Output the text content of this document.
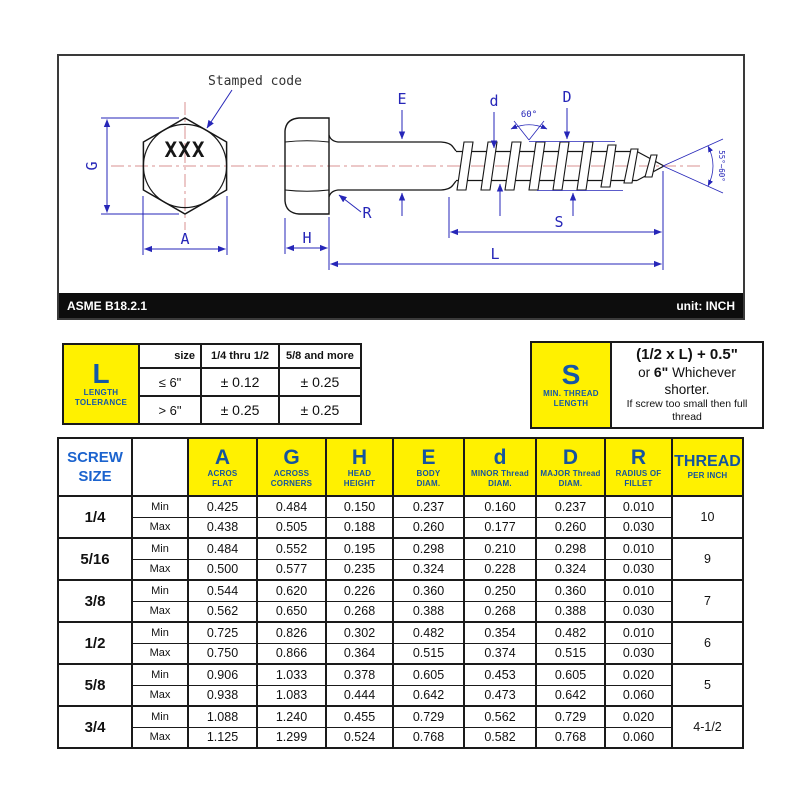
XXX
Stamped code
G
A
E	d	D
60°
55°~60°
R
H
S
L
ASME B18.2.1	unit: INCH
L
LENGTH
TOLERANCE	size	1/4 thru 1/2	5/8 and more
	≤ 6"	± 0.12	± 0.25
	> 6"	± 0.25	± 0.25
S
MIN. THREAD
LENGTH

(1/2 x L) + 0.5"
or 6" Whichever shorter.
If screw too small then full thread
SCREW
SIZE

A
ACROS
FLAT

G
ACROSS
CORNERS

H
HEAD
HEIGHT

E
BODY
DIAM.

d
MINOR Thread
DIAM.

D
MAJOR Thread
DIAM.

R
RADIUS OF
FILLET

THREAD
PER INCH

1/4	Min	0.425	0.484	0.150	0.237	0.160	0.237	0.010	10
	Max	0.438	0.505	0.188	0.260	0.177	0.260	0.030	
5/16	Min	0.484	0.552	0.195	0.298	0.210	0.298	0.010	9
	Max	0.500	0.577	0.235	0.324	0.228	0.324	0.030	
3/8	Min	0.544	0.620	0.226	0.360	0.250	0.360	0.010	7
	Max	0.562	0.650	0.268	0.388	0.268	0.388	0.030	
1/2	Min	0.725	0.826	0.302	0.482	0.354	0.482	0.010	6
	Max	0.750	0.866	0.364	0.515	0.374	0.515	0.030	
5/8	Min	0.906	1.033	0.378	0.605	0.453	0.605	0.020	5
	Max	0.938	1.083	0.444	0.642	0.473	0.642	0.060	
3/4	Min	1.088	1.240	0.455	0.729	0.562	0.729	0.020	4-1/2
	Max	1.125	1.299	0.524	0.768	0.582	0.768	0.060	
